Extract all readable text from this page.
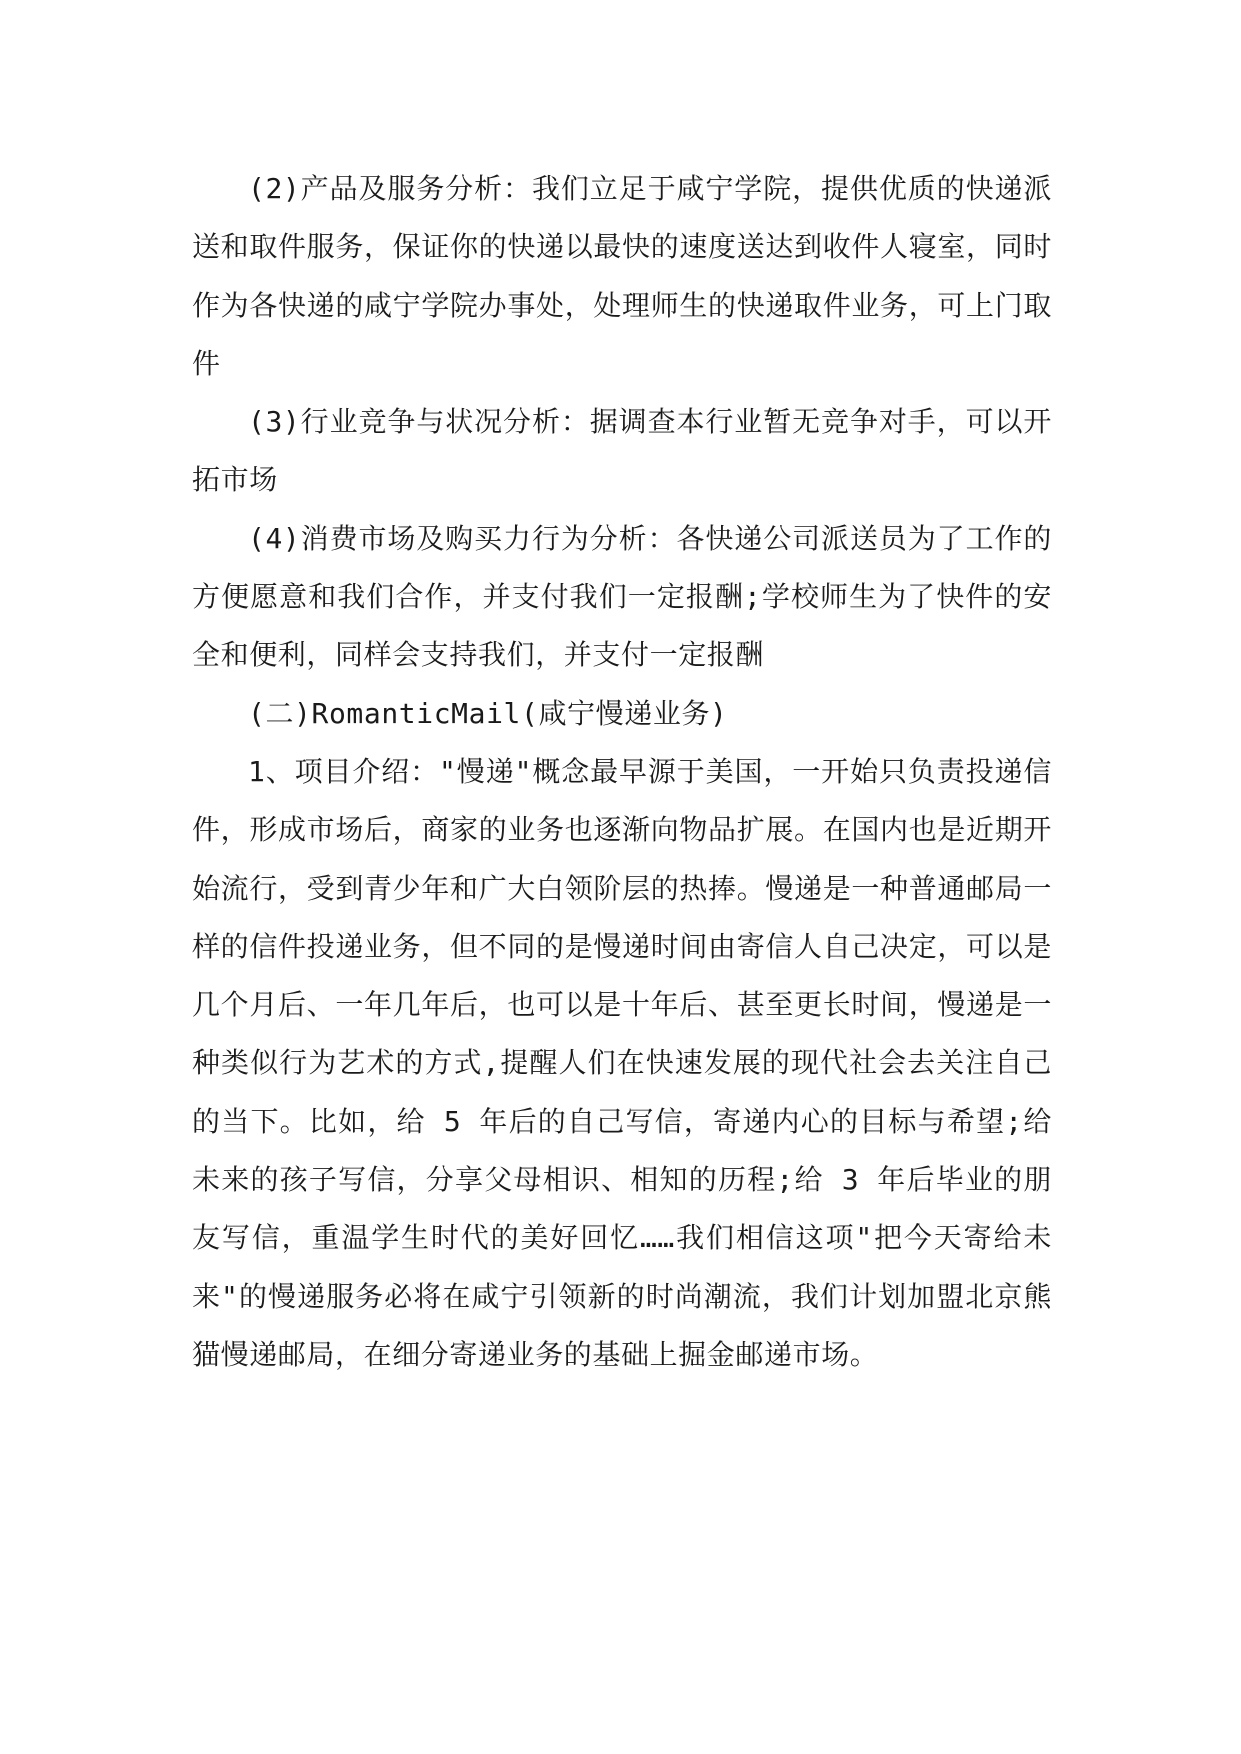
(2)产品及服务分析：我们立足于咸宁学院，提供优质的快递派送和取件服务，保证你的快递以最快的速度送达到收件人寝室，同时作为各快递的咸宁学院办事处，处理师生的快递取件业务，可上门取件

(3)行业竞争与状况分析：据调查本行业暂无竞争对手，可以开拓市场

(4)消费市场及购买力行为分析：各快递公司派送员为了工作的方便愿意和我们合作，并支付我们一定报酬;学校师生为了快件的安全和便利，同样会支持我们，并支付一定报酬

(二)RomanticMail(咸宁慢递业务)

1、项目介绍："慢递"概念最早源于美国，一开始只负责投递信件，形成市场后，商家的业务也逐渐向物品扩展。在国内也是近期开始流行，受到青少年和广大白领阶层的热捧。慢递是一种普通邮局一样的信件投递业务，但不同的是慢递时间由寄信人自己决定，可以是几个月后、一年几年后，也可以是十年后、甚至更长时间，慢递是一种类似行为艺术的方式,提醒人们在快速发展的现代社会去关注自己的当下。比如，给 5 年后的自己写信，寄递内心的目标与希望;给未来的孩子写信，分享父母相识、相知的历程;给 3 年后毕业的朋友写信，重温学生时代的美好回忆……我们相信这项"把今天寄给未来"的慢递服务必将在咸宁引领新的时尚潮流，我们计划加盟北京熊猫慢递邮局，在细分寄递业务的基础上掘金邮递市场。
